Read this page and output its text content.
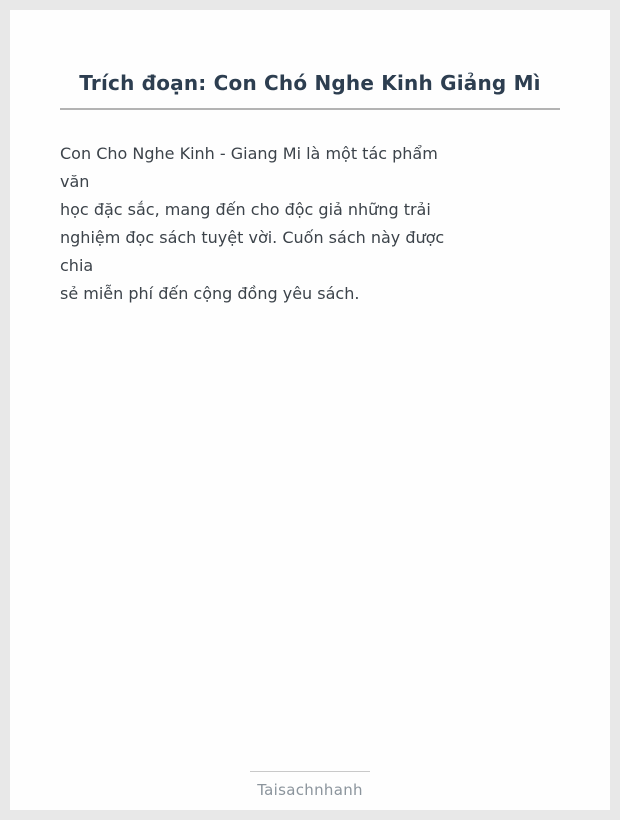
Trích đoạn: Con Chó Nghe Kinh Giảng Mì
Con Cho Nghe Kinh - Giang Mi là một tác phẩm
văn
học đặc sắc, mang đến cho độc giả những trải
nghiệm đọc sách tuyệt vời. Cuốn sách này được
chia
sẻ miễn phí đến cộng đồng yêu sách.
Taisachnhanh
